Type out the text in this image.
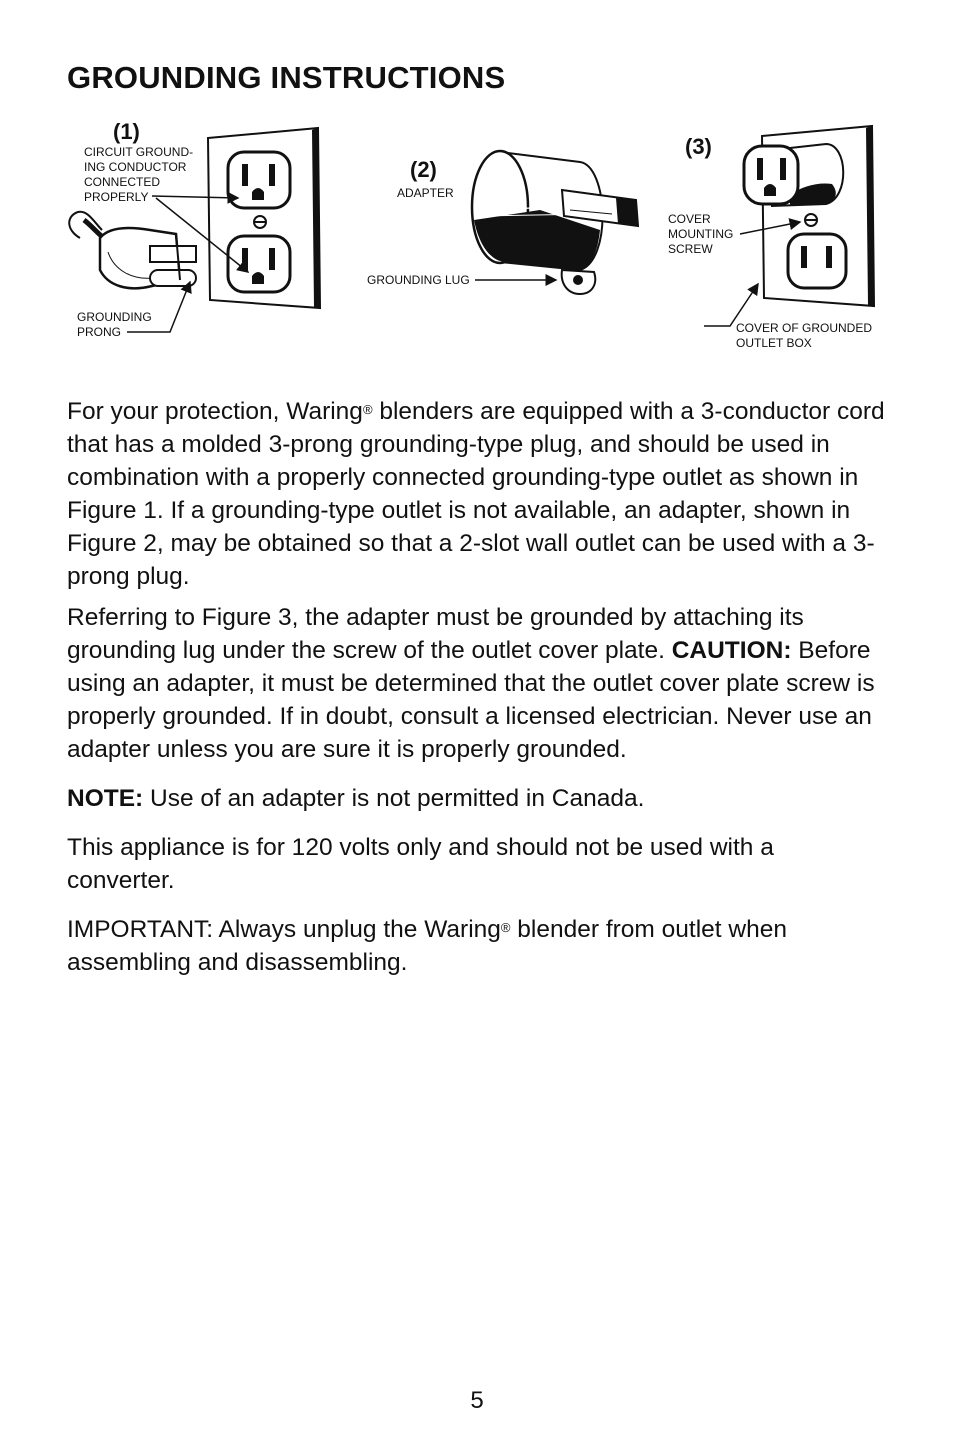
GROUNDING INSTRUCTIONS
(1)
CIRCUIT GROUND-
ING CONDUCTOR
CONNECTED
PROPERLY
GROUNDING
PRONG
(2)
ADAPTER
GROUNDING LUG
(3)
COVER
MOUNTING
SCREW
COVER OF GROUNDED
OUTLET BOX

For your protection, Waring® blenders are equipped with a 3-conductor cord that has a molded 3-prong grounding-type plug, and should be used in combination with a properly connected grounding-type outlet as shown in Figure 1. If a grounding-type outlet is not available, an adapter, shown in Figure 2, may be obtained so that a 2-slot wall outlet can be used with a 3-prong plug.

Referring to Figure 3, the adapter must be grounded by attaching its grounding lug under the screw of the outlet cover plate. CAUTION: Before using an adapter, it must be determined that the outlet cover plate screw is properly grounded. If in doubt, consult a licensed electrician. Never use an adapter unless you are sure it is properly grounded.

NOTE: Use of an adapter is not permitted in Canada.

This appliance is for 120 volts only and should not be used with a converter.

IMPORTANT: Always unplug the Waring® blender from outlet when assembling and disassembling.

5
